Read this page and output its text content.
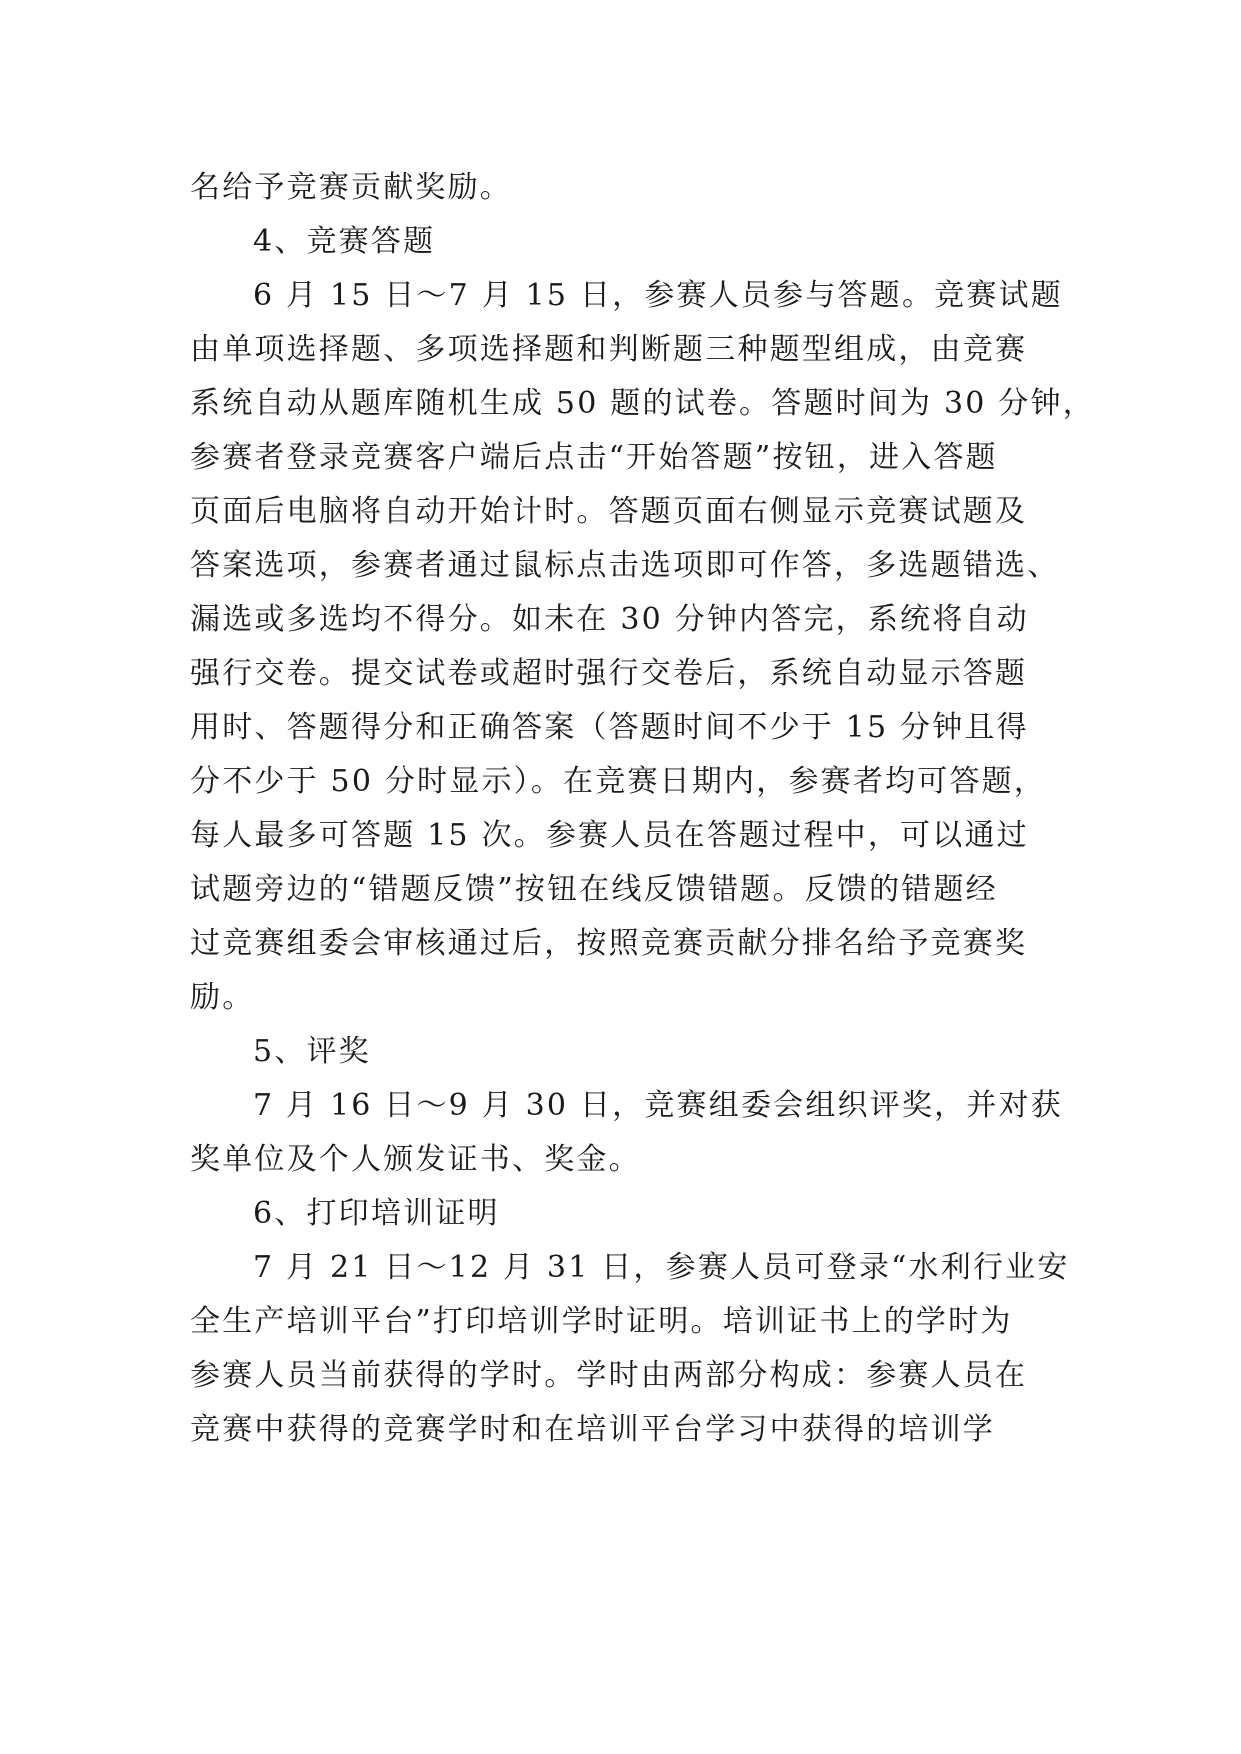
名给予竞赛贡献奖励。
4、竞赛答题
6 月 15 日～7 月 15 日，参赛人员参与答题。竞赛试题
由单项选择题、多项选择题和判断题三种题型组成，由竞赛
系统自动从题库随机生成 50 题的试卷。答题时间为 30 分钟，
参赛者登录竞赛客户端后点击“开始答题”按钮，进入答题
页面后电脑将自动开始计时。答题页面右侧显示竞赛试题及
答案选项，参赛者通过鼠标点击选项即可作答，多选题错选、
漏选或多选均不得分。如未在 30 分钟内答完，系统将自动
强行交卷。提交试卷或超时强行交卷后，系统自动显示答题
用时、答题得分和正确答案（答题时间不少于 15 分钟且得
分不少于 50 分时显示）。在竞赛日期内，参赛者均可答题，
每人最多可答题 15 次。参赛人员在答题过程中，可以通过
试题旁边的“错题反馈”按钮在线反馈错题。反馈的错题经
过竞赛组委会审核通过后，按照竞赛贡献分排名给予竞赛奖
励。
5、评奖
7 月 16 日～9 月 30 日，竞赛组委会组织评奖，并对获
奖单位及个人颁发证书、奖金。
6、打印培训证明
7 月 21 日～12 月 31 日，参赛人员可登录“水利行业安
全生产培训平台”打印培训学时证明。培训证书上的学时为
参赛人员当前获得的学时。学时由两部分构成：参赛人员在
竞赛中获得的竞赛学时和在培训平台学习中获得的培训学
